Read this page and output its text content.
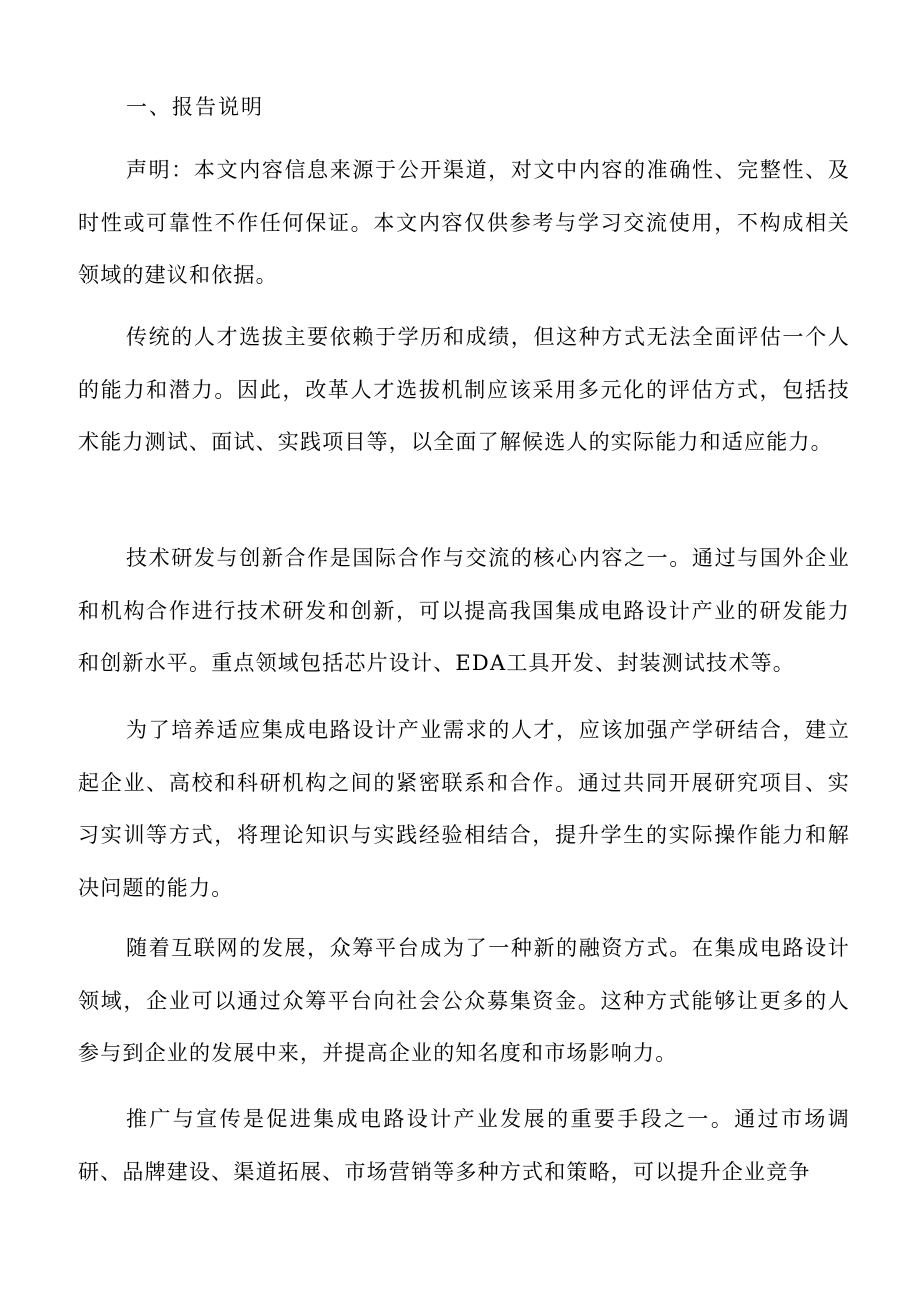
一、报告说明

声明：本文内容信息来源于公开渠道，对文中内容的准确性、完整性、及时性或可靠性不作任何保证。本文内容仅供参考与学习交流使用，不构成相关领域的建议和依据。

传统的人才选拔主要依赖于学历和成绩，但这种方式无法全面评估一个人的能力和潜力。因此，改革人才选拔机制应该采用多元化的评估方式，包括技术能力测试、面试、实践项目等，以全面了解候选人的实际能力和适应能力。

技术研发与创新合作是国际合作与交流的核心内容之一。通过与国外企业和机构合作进行技术研发和创新，可以提高我国集成电路设计产业的研发能力和创新水平。重点领域包括芯片设计、EDA工具开发、封装测试技术等。

为了培养适应集成电路设计产业需求的人才，应该加强产学研结合，建立起企业、高校和科研机构之间的紧密联系和合作。通过共同开展研究项目、实习实训等方式，将理论知识与实践经验相结合，提升学生的实际操作能力和解决问题的能力。

随着互联网的发展，众筹平台成为了一种新的融资方式。在集成电路设计领域，企业可以通过众筹平台向社会公众募集资金。这种方式能够让更多的人参与到企业的发展中来，并提高企业的知名度和市场影响力。

推广与宣传是促进集成电路设计产业发展的重要手段之一。通过市场调研、品牌建设、渠道拓展、市场营销等多种方式和策略，可以提升企业竞争
